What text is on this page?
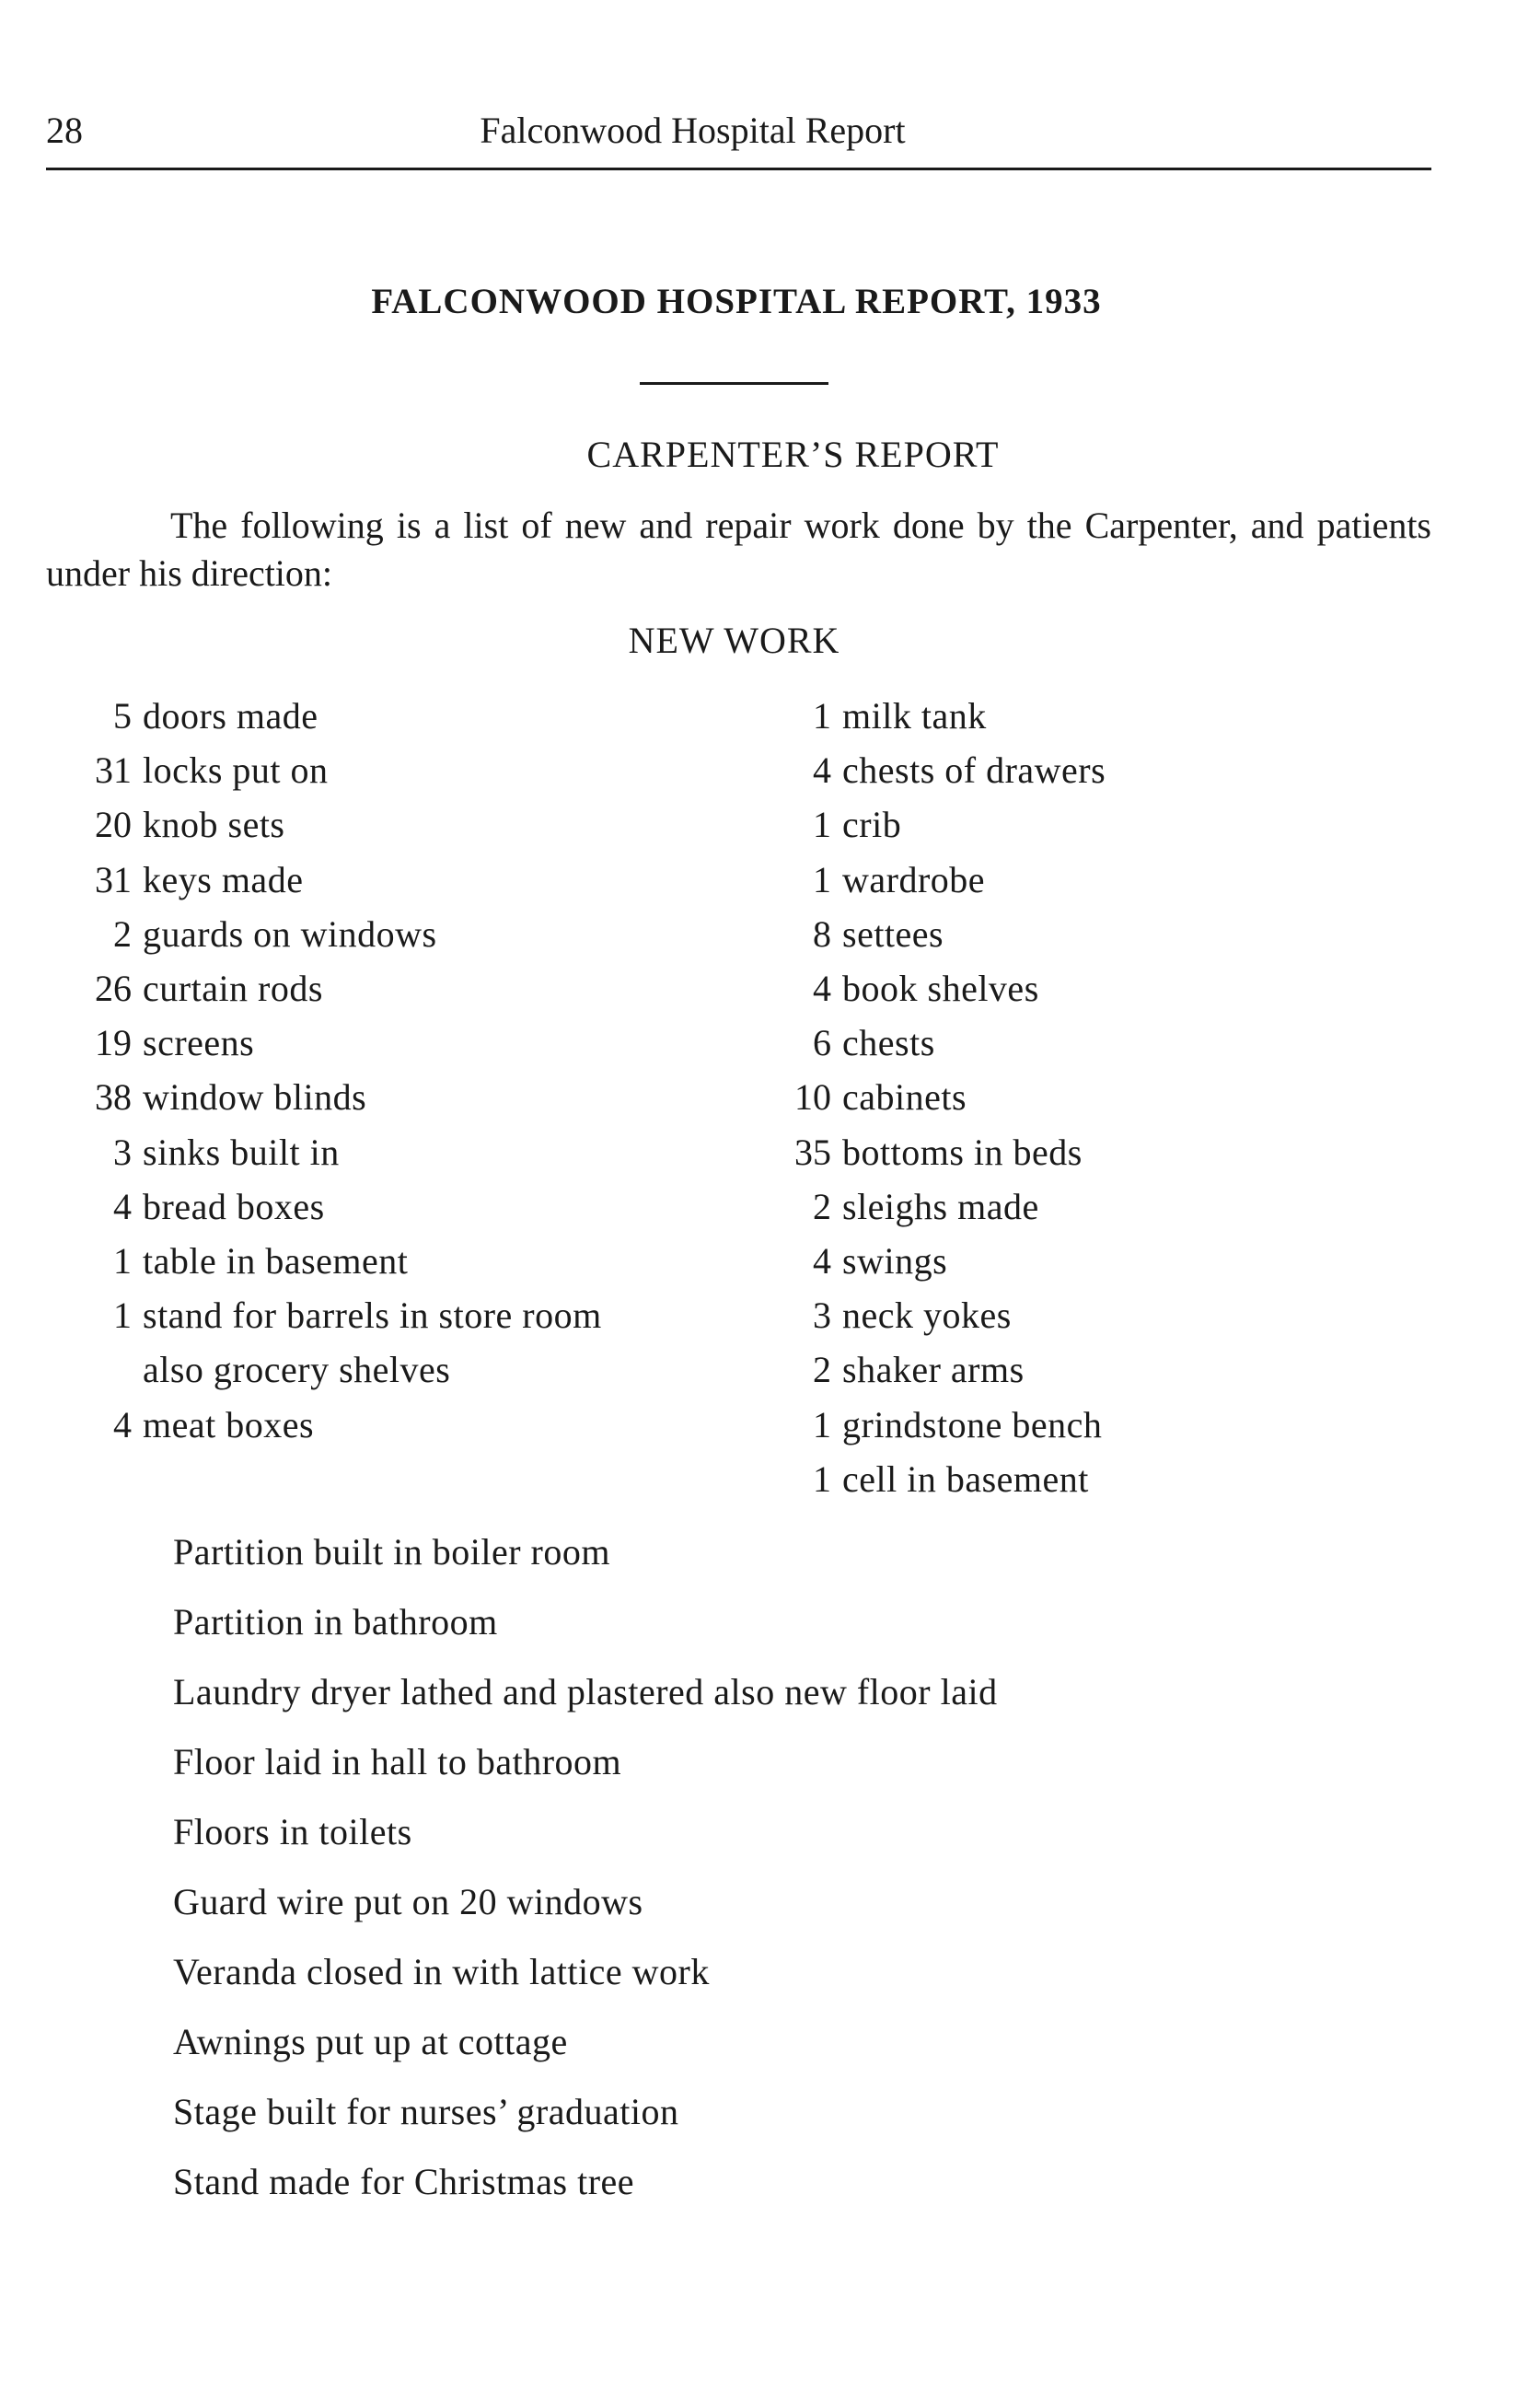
28	Falconwood Hospital Report
FALCONWOOD HOSPITAL REPORT, 1933
CARPENTER’S REPORT
The following is a list of new and repair work done by the Carpenter, and patients under his direction:
NEW WORK
5 doors made
31 locks put on
20 knob sets
31 keys made
2 guards on windows
26 curtain rods
19 screens
38 window blinds
3 sinks built in
4 bread boxes
1 table in basement
1 stand for barrels in store room also grocery shelves
4 meat boxes
1 milk tank
4 chests of drawers
1 crib
1 wardrobe
8 settees
4 book shelves
6 chests
10 cabinets
35 bottoms in beds
2 sleighs made
4 swings
3 neck yokes
2 shaker arms
1 grindstone bench
1 cell in basement
Partition built in boiler room
Partition in bathroom
Laundry dryer lathed and plastered also new floor laid
Floor laid in hall to bathroom
Floors in toilets
Guard wire put on 20 windows
Veranda closed in with lattice work
Awnings put up at cottage
Stage built for nurses’ graduation
Stand made for Christmas tree
